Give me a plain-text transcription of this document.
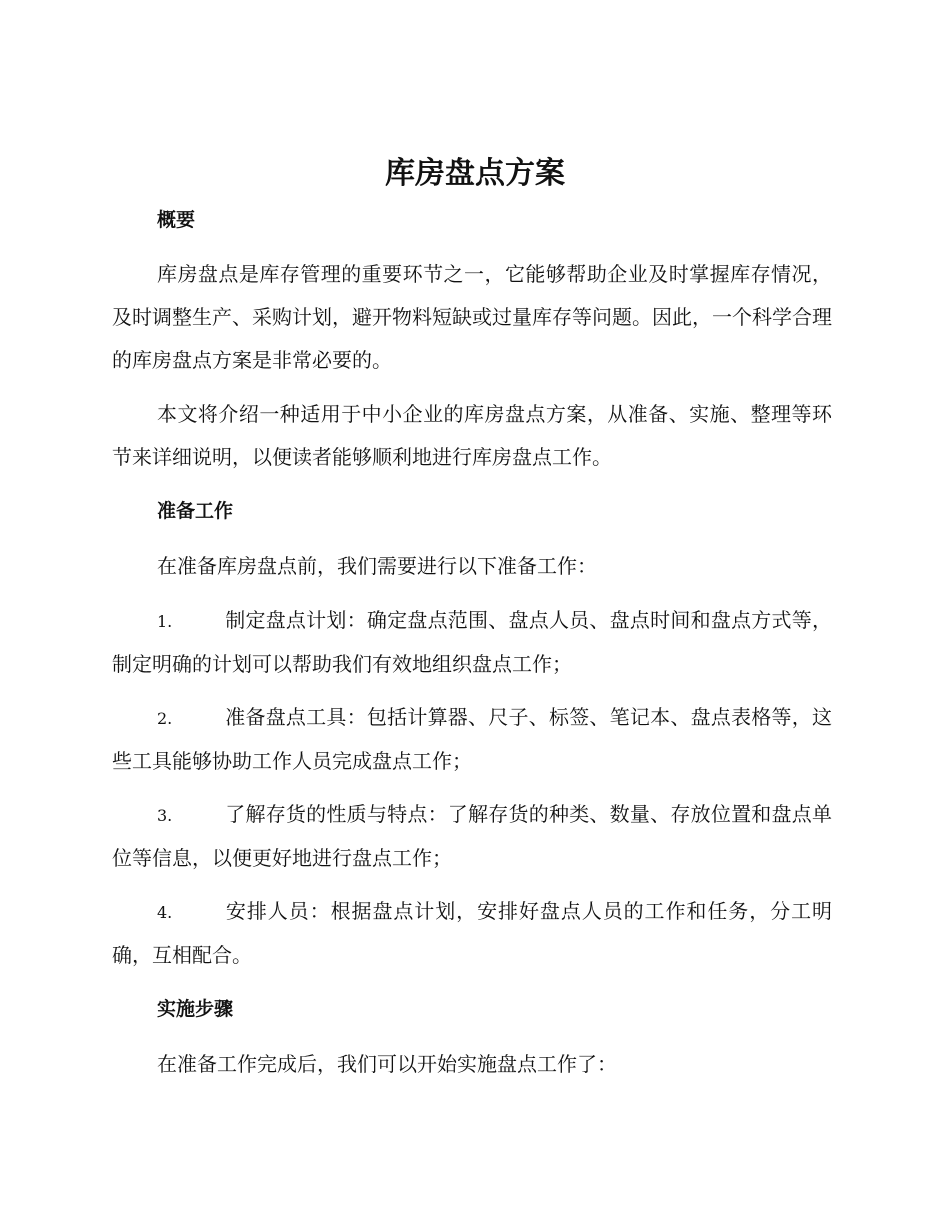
库房盘点方案
概要

库房盘点是库存管理的重要环节之一，它能够帮助企业及时掌握库存情况，及时调整生产、采购计划，避开物料短缺或过量库存等问题。因此，一个科学合理的库房盘点方案是非常必要的。

本文将介绍一种适用于中小企业的库房盘点方案，从准备、实施、整理等环节来详细说明，以便读者能够顺利地进行库房盘点工作。

准备工作

在准备库房盘点前，我们需要进行以下准备工作：

1.	制定盘点计划：确定盘点范围、盘点人员、盘点时间和盘点方式等，制定明确的计划可以帮助我们有效地组织盘点工作；

2.	准备盘点工具：包括计算器、尺子、标签、笔记本、盘点表格等，这些工具能够协助工作人员完成盘点工作；

3.	了解存货的性质与特点：了解存货的种类、数量、存放位置和盘点单位等信息，以便更好地进行盘点工作；

4.	安排人员：根据盘点计划，安排好盘点人员的工作和任务，分工明确，互相配合。

实施步骤

在准备工作完成后，我们可以开始实施盘点工作了：
